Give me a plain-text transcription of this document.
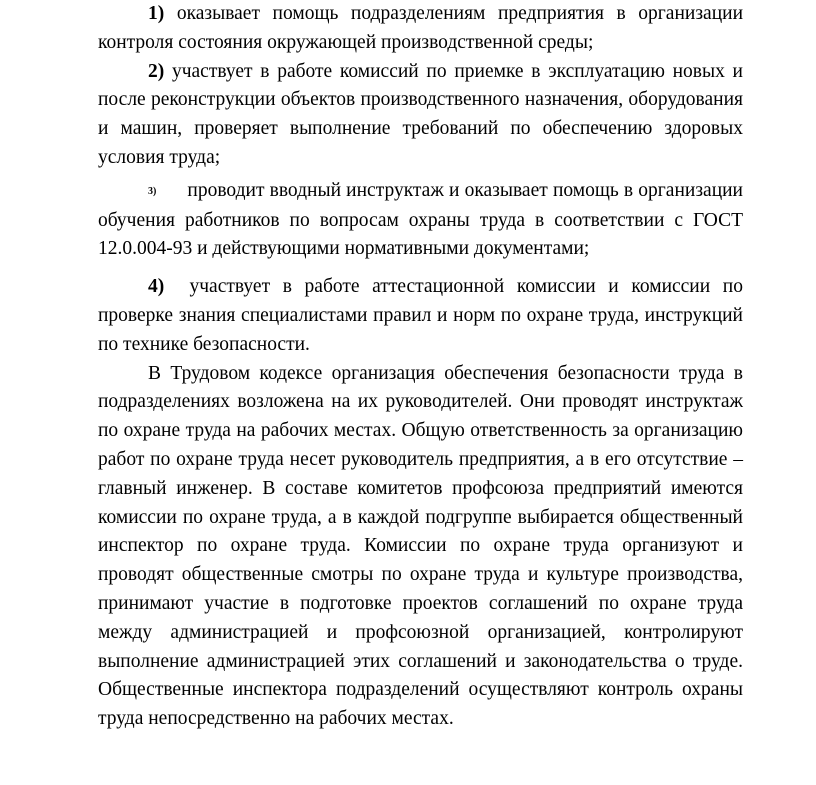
1) оказывает помощь подразделениям предприятия в организации контроля состояния окружающей производственной среды;

2) участвует в работе комиссий по приемке в эксплуатацию новых и после реконструкции объектов производственного назначения, оборудования и машин, проверяет выполнение требований по обеспечению здоровых условия труда;

3)      проводит вводный инструктаж и оказывает помощь в организации обучения работников по вопросам охраны труда в соответствии с ГОСТ 12.0.004-93 и действующими нормативными документами;

4)  участвует в работе аттестационной комиссии и комиссии по проверке знания специалистами правил и норм по охране труда, инструкций по технике безопасности.

В Трудовом кодексе организация обеспечения безопасности труда в подразделениях возложена на их руководителей. Они проводят инструктаж по охране труда на рабочих местах. Общую ответственность за организацию работ по охране труда несет руководитель предприятия, а в его отсутствие – главный инженер. В составе комитетов профсоюза предприятий имеются комиссии по охране труда, а в каждой подгруппе выбирается общественный инспектор по охране труда. Комиссии по охране труда организуют и проводят общественные смотры по охране труда и культуре производства, принимают участие в подготовке проектов соглашений по охране труда между администрацией и профсоюзной организацией, контролируют выполнение администрацией этих соглашений и законодательства о труде. Общественные инспектора подразделений осуществляют контроль охраны труда непосредственно на рабочих местах.
